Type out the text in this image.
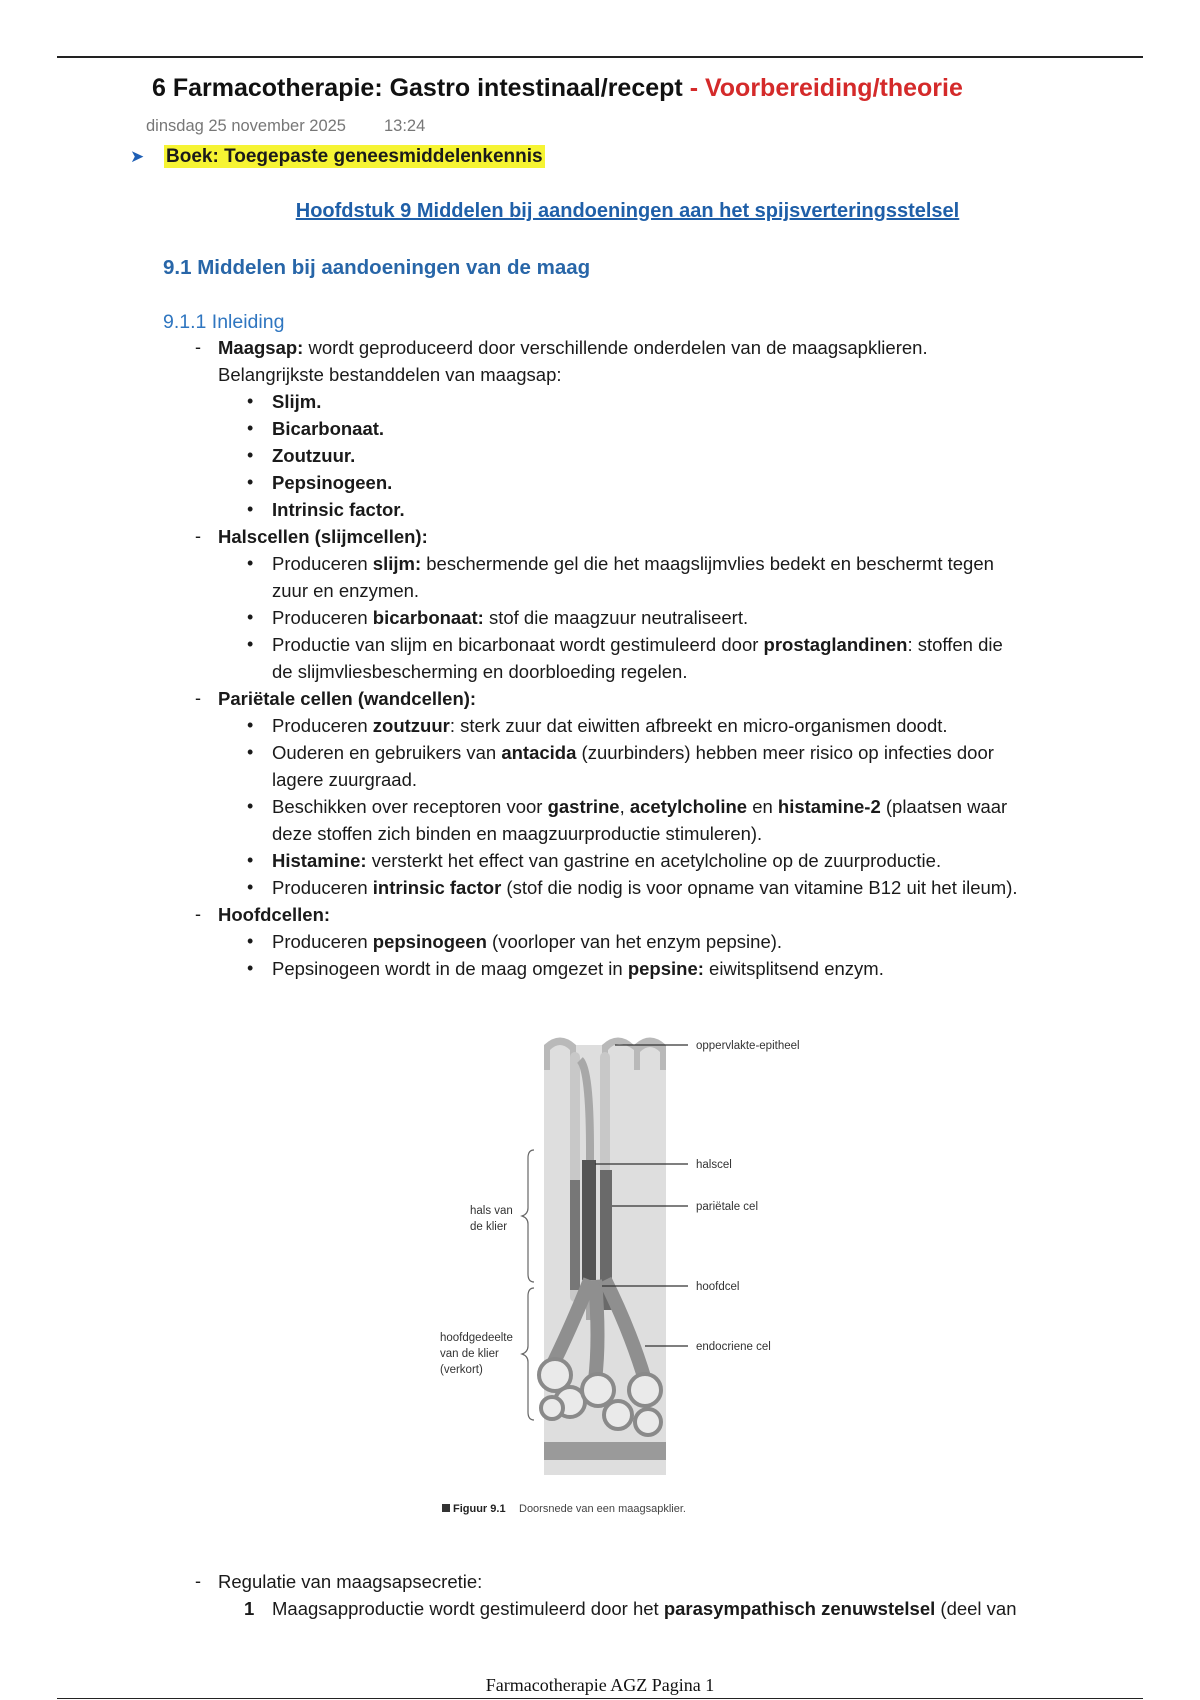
6 Farmacotherapie: Gastro intestinaal/recept - Voorbereiding/theorie
dinsdag 25 november 2025 13:24
➤ Boek: Toegepaste geneesmiddelenkennis
Hoofdstuk 9 Middelen bij aandoeningen aan het spijsverteringsstelsel
9.1 Middelen bij aandoeningen van de maag
9.1.1 Inleiding
- Maagsap: wordt geproduceerd door verschillende onderdelen van de maagsapklieren.
Belangrijkste bestanddelen van maagsap:
• Slijm.
• Bicarbonaat.
• Zoutzuur.
• Pepsinogeen.
• Intrinsic factor.
- Halscellen (slijmcellen):
• Produceren slijm: beschermende gel die het maagslijmvlies bedekt en beschermt tegen
zuur en enzymen.
• Produceren bicarbonaat: stof die maagzuur neutraliseert.
• Productie van slijm en bicarbonaat wordt gestimuleerd door prostaglandinen: stoffen die
de slijmvliesbescherming en doorbloeding regelen.
- Pariëtale cellen (wandcellen):
• Produceren zoutzuur: sterk zuur dat eiwitten afbreekt en micro-organismen doodt.
• Ouderen en gebruikers van antacida (zuurbinders) hebben meer risico op infecties door
lagere zuurgraad.
• Beschikken over receptoren voor gastrine, acetylcholine en histamine-2 (plaatsen waar
deze stoffen zich binden en maagzuurproductie stimuleren).
• Histamine: versterkt het effect van gastrine en acetylcholine op de zuurproductie.
• Produceren intrinsic factor (stof die nodig is voor opname van vitamine B12 uit het ileum).
- Hoofdcellen:
• Produceren pepsinogeen (voorloper van het enzym pepsine).
• Pepsinogeen wordt in de maag omgezet in pepsine: eiwitsplitsend enzym.
oppervlakte-epitheel
halscel
pariëtale cel
hoofdcel
endocriene cel
hals van
de klier
hoofdgedeelte
van de klier
(verkort)
Figuur 9.1 Doorsnede van een maagsapklier.
- Regulatie van maagsapsecretie:
1 Maagsapproductie wordt gestimuleerd door het parasympathisch zenuwstelsel (deel van
Farmacotherapie AGZ Pagina 1
